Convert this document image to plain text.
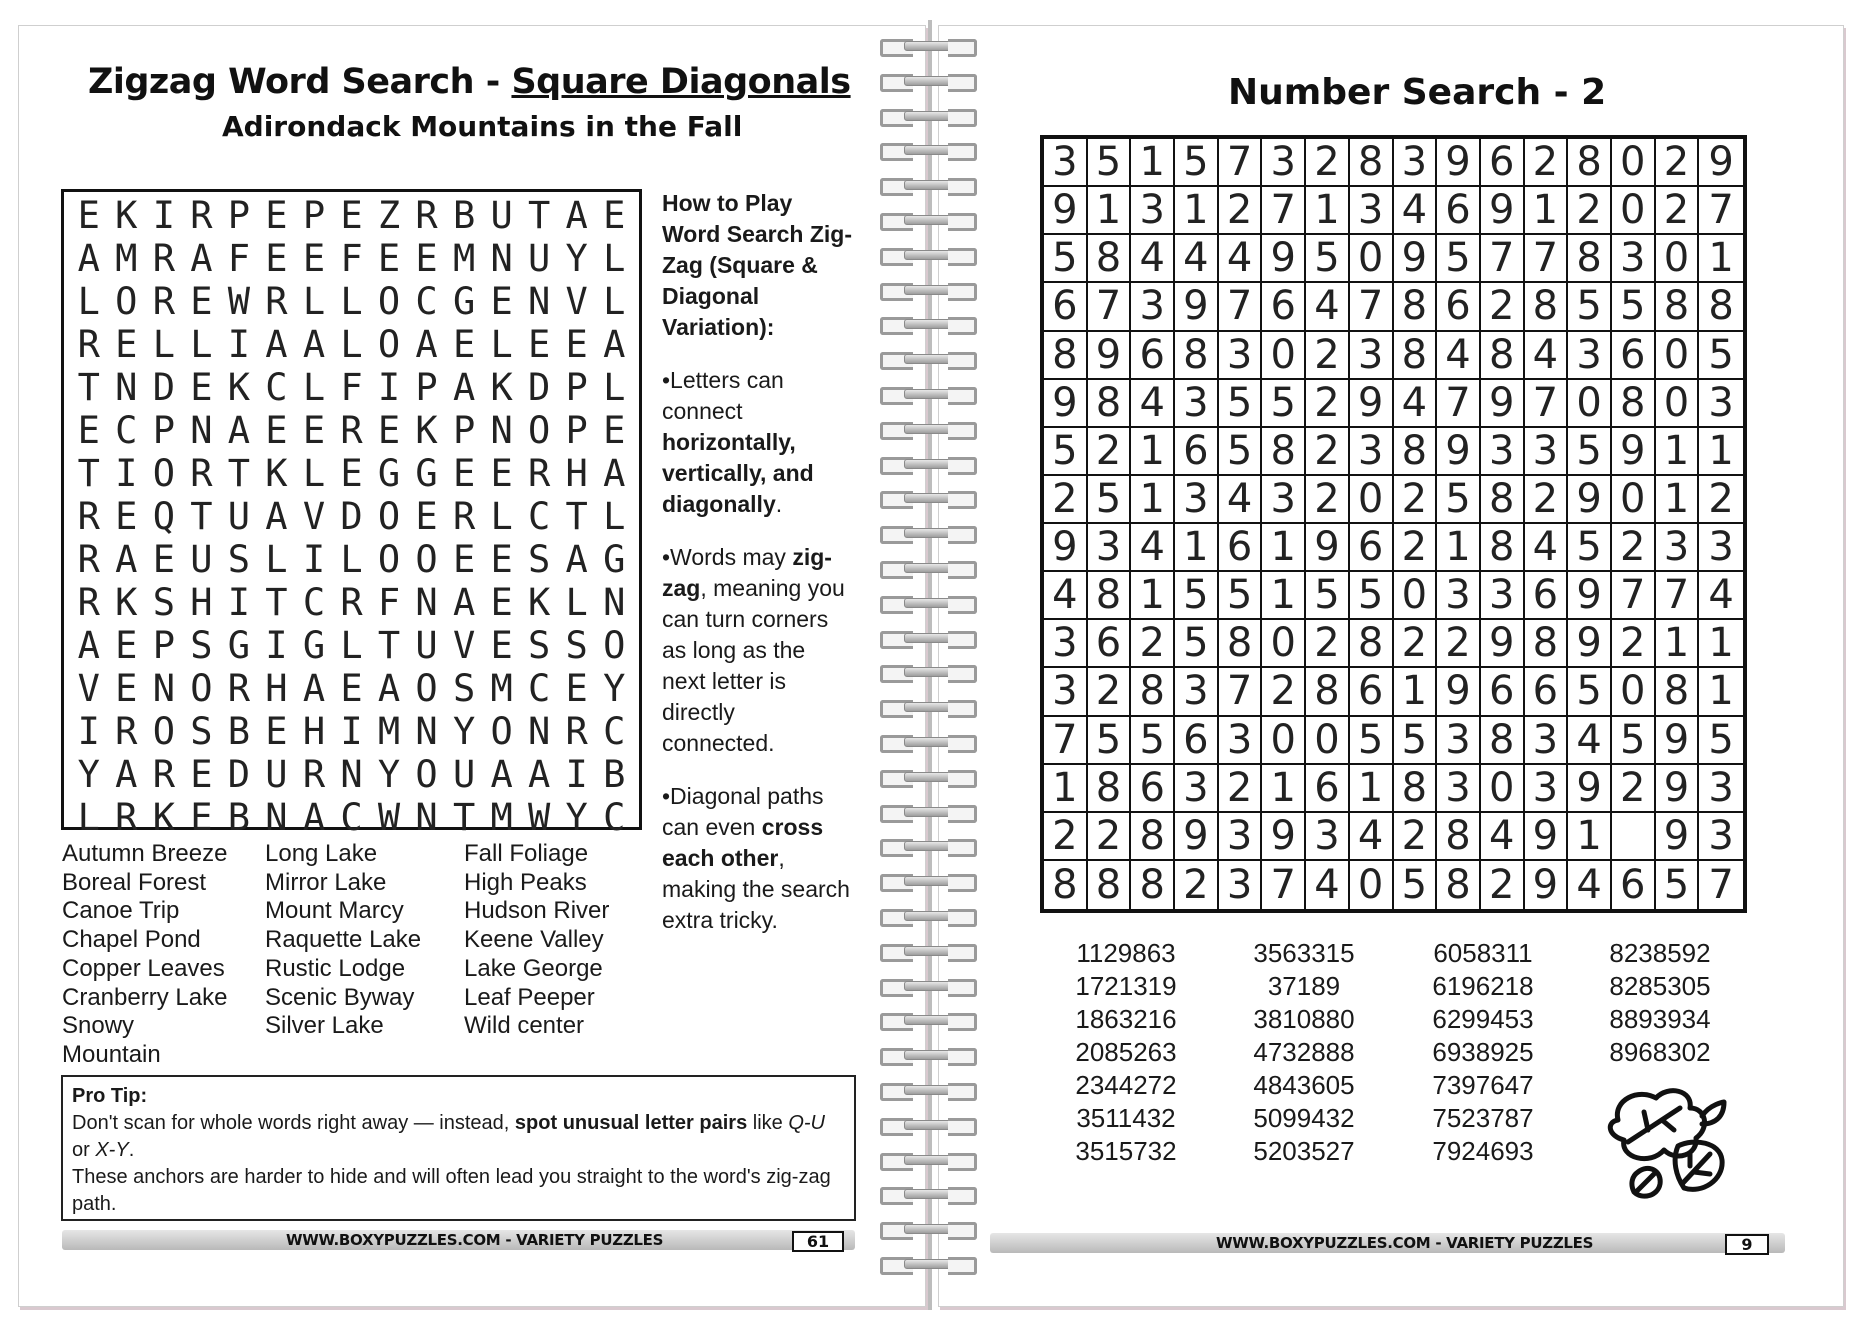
Zigzag Word Search - Square Diagonals
Adirondack Mountains in the Fall
E K I R P E P E Z R B U T A E
A M R A F E E F E E M N U Y L
L O R E W R L L O C G E N V L
R E L L I A A L O A E L E E A
T N D E K C L F I P A K D P L
E C P N A E E R E K P N O P E
T I O R T K L E G G E E R H A
R E Q T U A V D O E R L C T L
R A E U S L I L O O E E S A G
R K S H I T C R F N A E K L N
A E P S G I G L T U V E S S O
V E N O R H A E A O S M C E Y
I R O S B E H I M N Y O N R C
Y A R E D U R N Y O U A A I B
L R K E B N A C W N T M W Y C

How to Play Word Search Zig-Zag (Square & Diagonal Variation):

•Letters can connect horizontally, vertically, and diagonally.

•Words may zig-zag, meaning you can turn corners as long as the next letter is directly connected.

•Diagonal paths can even cross each other, making the search extra tricky.

Autumn Breeze
Boreal Forest
Canoe Trip
Chapel Pond
Copper Leaves
Cranberry Lake
Snowy
Mountain
Long Lake
Mirror Lake
Mount Marcy
Raquette Lake
Rustic Lodge
Scenic Byway
Silver Lake
Fall Foliage
High Peaks
Hudson River
Keene Valley
Lake George
Leaf Peeper
Wild center

Pro Tip:

Don't scan for whole words right away — instead, spot unusual letter pairs like Q-U or X-Y.

These anchors are harder to hide and will often lead you straight to the word's zig-zag path.

WWW.BOXYPUZZLES.COM - VARIETY PUZZLES	61
Number Search - 2
3 5 1 5 7 3 2 8 3 9 6 2 8 0 2 9
9 1 3 1 2 7 1 3 4 6 9 1 2 0 2 7
5 8 4 4 4 9 5 0 9 5 7 7 8 3 0 1
6 7 3 9 7 6 4 7 8 6 2 8 5 5 8 8
8 9 6 8 3 0 2 3 8 4 8 4 3 6 0 5
9 8 4 3 5 5 2 9 4 7 9 7 0 8 0 3
5 2 1 6 5 8 2 3 8 9 3 3 5 9 1 1
2 5 1 3 4 3 2 0 2 5 8 2 9 0 1 2
9 3 4 1 6 1 9 6 2 1 8 4 5 2 3 3
4 8 1 5 5 1 5 5 0 3 3 6 9 7 7 4
3 6 2 5 8 0 2 8 2 2 9 8 9 2 1 1
3 2 8 3 7 2 8 6 1 9 6 6 5 0 8 1
7 5 5 6 3 0 0 5 5 3 8 3 4 5 9 5
1 8 6 3 2 1 6 1 8 3 0 3 9 2 9 3
2 2 8 9 3 9 3 4 2 8 4 9 1 9 3
8 8 8 2 3 7 4 0 5 8 2 9 4 6 5 7
1129863
1721319
1863216
2085263
2344272
3511432
3515732
3563315
37189
3810880
4732888
4843605
5099432
5203527
6058311
6196218
6299453
6938925
7397647
7523787
7924693
8238592
8285305
8893934
8968302
WWW.BOXYPUZZLES.COM - VARIETY PUZZLES	9
